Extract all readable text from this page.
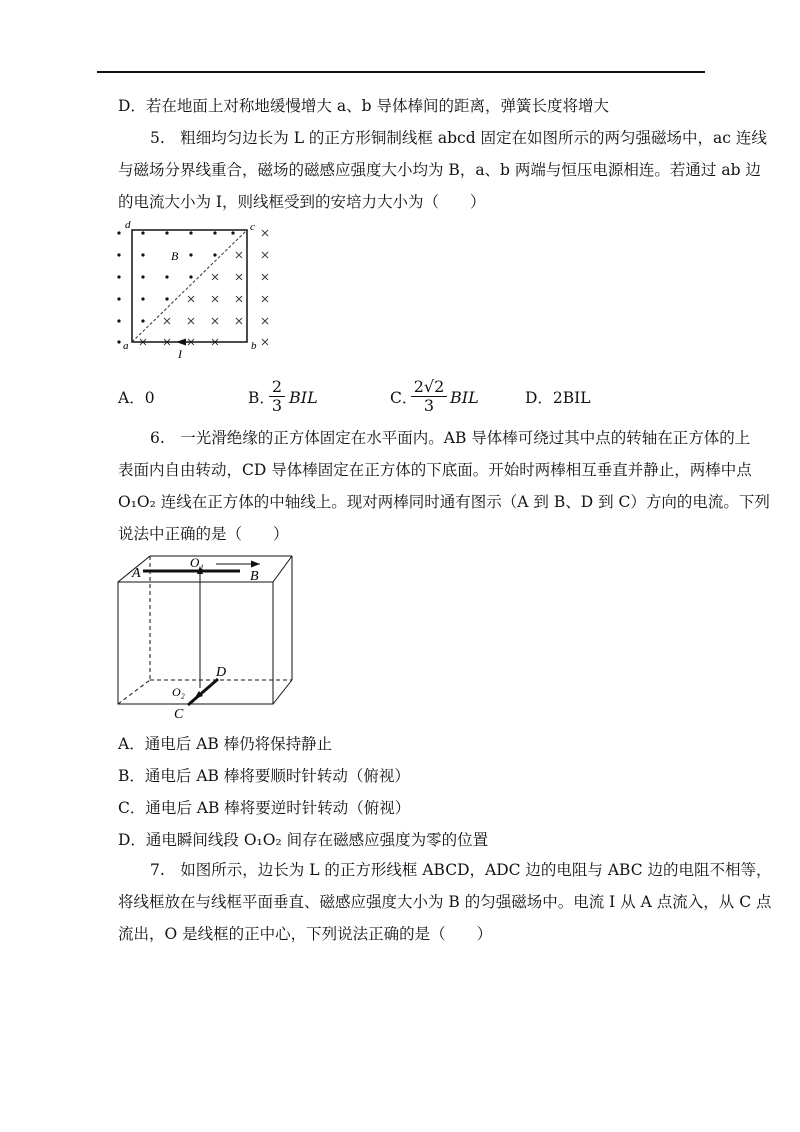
D．若在地面上对称地缓慢增大 a、b 导体棒间的距离，弹簧长度将增大
5.　粗细均匀边长为 L 的正方形铜制线框 abcd 固定在如图所示的两匀强磁场中，ac 连线
与磁场分界线重合，磁场的磁感应强度大小均为 B，a、b 两端与恒压电源相连。若通过 ab 边
的电流大小为 I，则线框受到的安培力大小为（　　）
d	c
a	b
B
I
A．0	B．
$\frac{2}{3}$ BIL	C．
$\frac{2√2}{3}$ BIL	D．2BIL
6.　一光滑绝缘的正方体固定在水平面内。AB 导体棒可绕过其中点的转轴在正方体的上
表面内自由转动，CD 导体棒固定在正方体的下底面。开始时两棒相互垂直并静止，两棒中点
O₁O₂ 连线在正方体的中轴线上。现对两棒同时通有图示（A 到 B、D 到 C）方向的电流。下列
说法中正确的是（　　）
A	B
O₁
D
O₂
C
A．通电后 AB 棒仍将保持静止
B．通电后 AB 棒将要顺时针转动（俯视）
C．通电后 AB 棒将要逆时针转动（俯视）
D．通电瞬间线段 O₁O₂ 间存在磁感应强度为零的位置
7.　如图所示，边长为 L 的正方形线框 ABCD，ADC 边的电阻与 ABC 边的电阻不相等，
将线框放在与线框平面垂直、磁感应强度大小为 B 的匀强磁场中。电流 I 从 A 点流入，从 C 点
流出，O 是线框的正中心，下列说法正确的是（　　）
